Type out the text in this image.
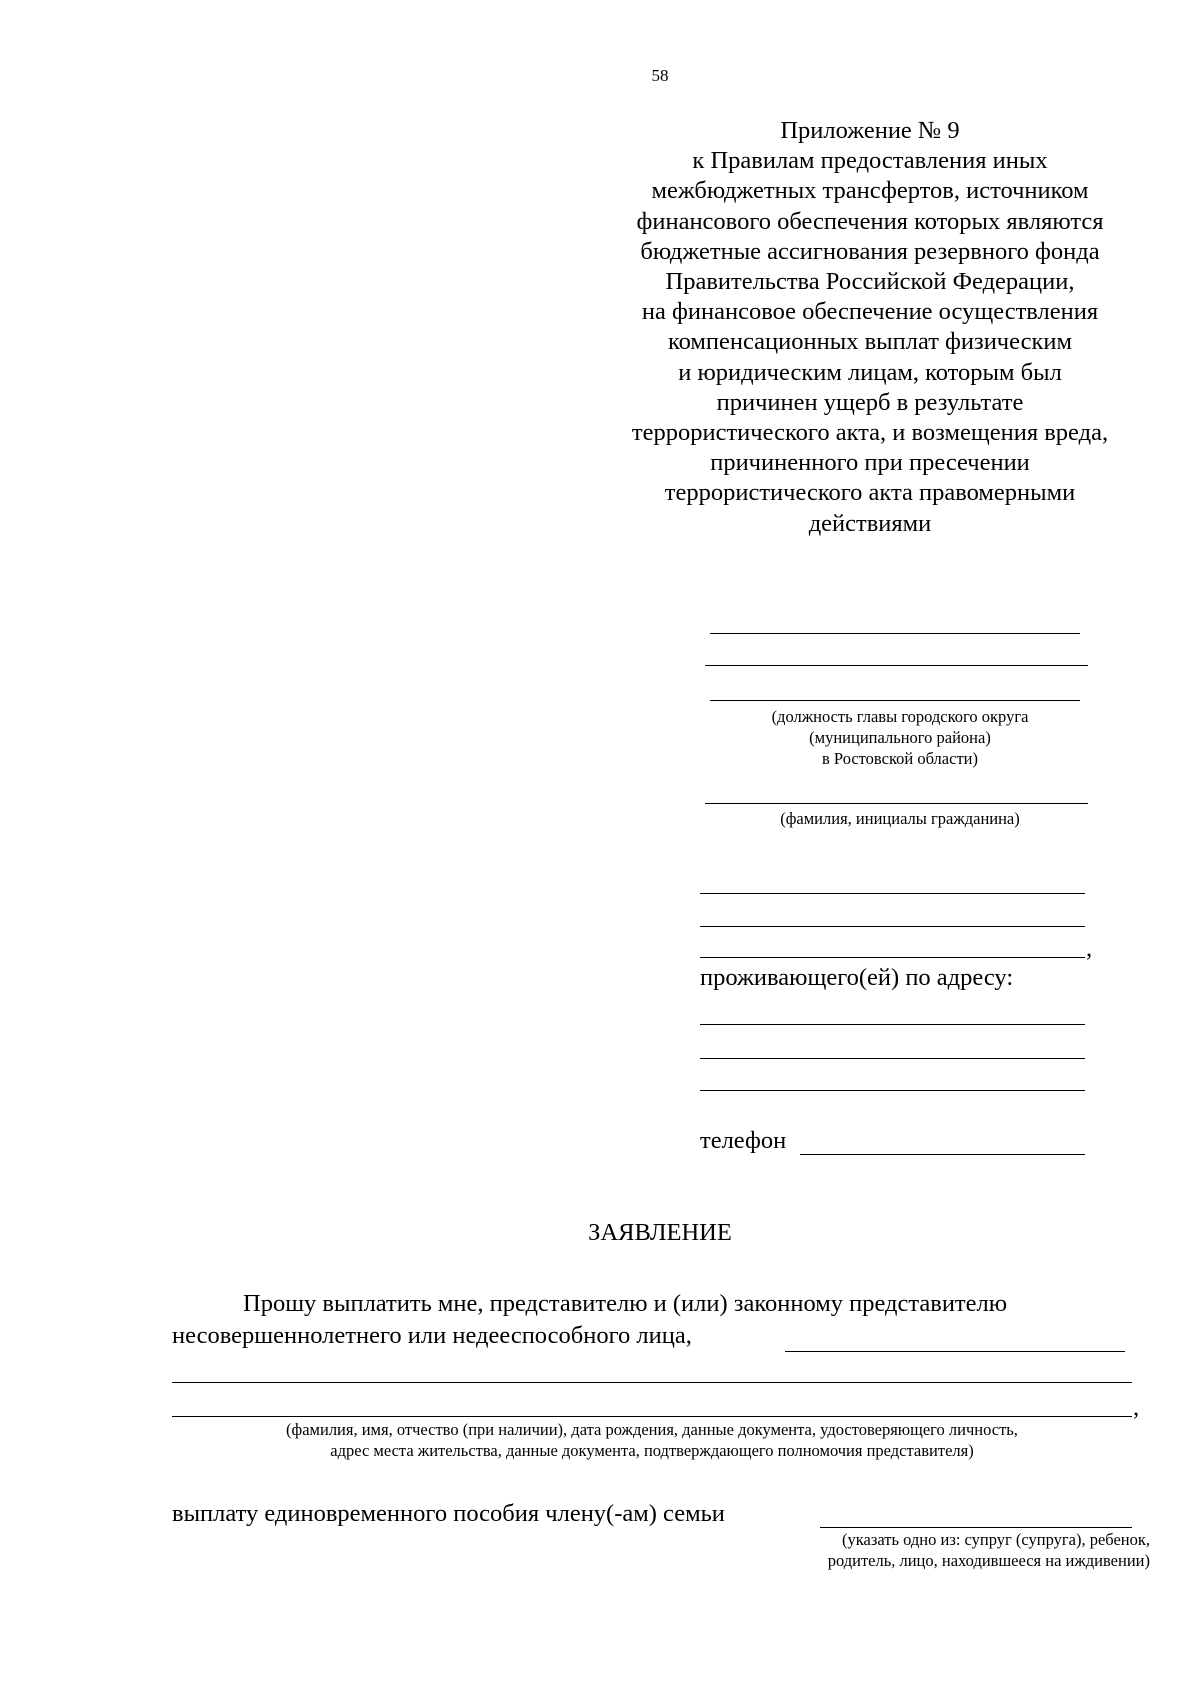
58
Приложение № 9
к Правилам предоставления иных
межбюджетных трансфертов, источником
финансового обеспечения которых являются
бюджетные ассигнования резервного фонда
Правительства Российской Федерации,
на финансовое обеспечение осуществления
компенсационных выплат физическим
и юридическим лицам, которым был
причинен ущерб в результате
террористического акта, и возмещения вреда,
причиненного при пресечении
террористического акта правомерными
действиями
(должность главы городского округа
(муниципального района)
в Ростовской области)
(фамилия, инициалы гражданина)
,
проживающего(ей) по адресу:
телефон
ЗАЯВЛЕНИЕ
Прошу выплатить мне, представителю и (или) законному представителю
несовершеннолетнего или недееспособного лица,
,
(фамилия, имя, отчество (при наличии), дата рождения, данные документа, удостоверяющего личность,
адрес места жительства, данные документа, подтверждающего полномочия представителя)
выплату единовременного пособия члену(-ам) семьи
(указать одно из: супруг (супруга), ребенок,
родитель, лицо, находившееся на иждивении)
